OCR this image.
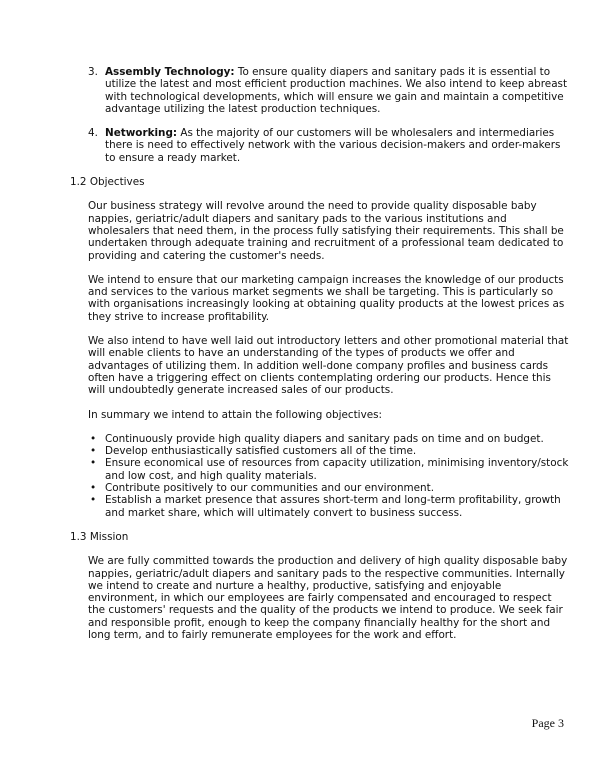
3. Assembly Technology: To ensure quality diapers and sanitary pads it is essential to utilize the latest and most efficient production machines. We also intend to keep abreast with technological developments, which will ensure we gain and maintain a competitive advantage utilizing the latest production techniques.
4. Networking: As the majority of our customers will be wholesalers and intermediaries there is need to effectively network with the various decision-makers and order-makers to ensure a ready market.
1.2 Objectives

Our business strategy will revolve around the need to provide quality disposable baby nappies, geriatric/adult diapers and sanitary pads to the various institutions and wholesalers that need them, in the process fully satisfying their requirements. This shall be undertaken through adequate training and recruitment of a professional team dedicated to providing and catering the customer's needs.

We intend to ensure that our marketing campaign increases the knowledge of our products and services to the various market segments we shall be targeting. This is particularly so with organisations increasingly looking at obtaining quality products at the lowest prices as they strive to increase profitability.

We also intend to have well laid out introductory letters and other promotional material that will enable clients to have an understanding of the types of products we offer and advantages of utilizing them. In addition well-done company profiles and business cards often have a triggering effect on clients contemplating ordering our products. Hence this will undoubtedly generate increased sales of our products.

In summary we intend to attain the following objectives:

• Continuously provide high quality diapers and sanitary pads on time and on budget.
• Develop enthusiastically satisfied customers all of the time.
• Ensure economical use of resources from capacity utilization, minimising inventory/stock and low cost, and high quality materials.
• Contribute positively to our communities and our environment.
• Establish a market presence that assures short-term and long-term profitability, growth and market share, which will ultimately convert to business success.
1.3 Mission

We are fully committed towards the production and delivery of high quality disposable baby nappies, geriatric/adult diapers and sanitary pads to the respective communities. Internally we intend to create and nurture a healthy, productive, satisfying and enjoyable environment, in which our employees are fairly compensated and encouraged to respect the customers' requests and the quality of the products we intend to produce. We seek fair and responsible profit, enough to keep the company financially healthy for the short and long term, and to fairly remunerate employees for the work and effort.

Page 3
